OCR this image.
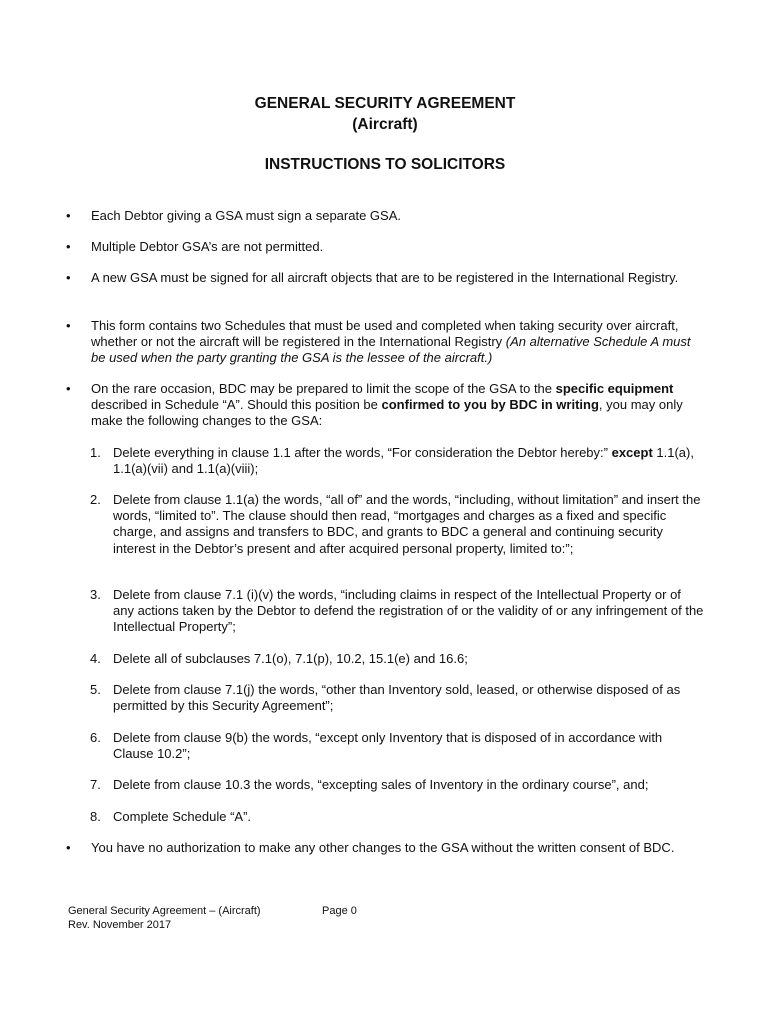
GENERAL SECURITY AGREEMENT
(Aircraft)
INSTRUCTIONS TO SOLICITORS
•	Each Debtor giving a GSA must sign a separate GSA.
•	Multiple Debtor GSA’s are not permitted.
•	A new GSA must be signed for all aircraft objects that are to be registered in the International Registry.
•	This form contains two Schedules that must be used and completed when taking security over aircraft, whether or not the aircraft will be registered in the International Registry (An alternative Schedule A must be used when the party granting the GSA is the lessee of the aircraft.)
•	On the rare occasion, BDC may be prepared to limit the scope of the GSA to the specific equipment described in Schedule “A”. Should this position be confirmed to you by BDC in writing, you may only make the following changes to the GSA:
1. Delete everything in clause 1.1 after the words, “For consideration the Debtor hereby:” except 1.1(a), 1.1(a)(vii) and 1.1(a)(viii);
2. Delete from clause 1.1(a) the words, “all of” and the words, “including, without limitation” and insert the words, “limited to”. The clause should then read, “mortgages and charges as a fixed and specific charge, and assigns and transfers to BDC, and grants to BDC a general and continuing security interest in the Debtor’s present and after acquired personal property, limited to:”;
3. Delete from clause 7.1 (i)(v) the words, “including claims in respect of the Intellectual Property or of any actions taken by the Debtor to defend the registration of or the validity of or any infringement of the Intellectual Property”;
4. Delete all of subclauses 7.1(o), 7.1(p), 10.2, 15.1(e) and 16.6;
5. Delete from clause 7.1(j) the words, “other than Inventory sold, leased, or otherwise disposed of as permitted by this Security Agreement”;
6. Delete from clause 9(b) the words, “except only Inventory that is disposed of in accordance with Clause 10.2”;
7. Delete from clause 10.3 the words, “excepting sales of Inventory in the ordinary course”, and;
8. Complete Schedule “A”.
•	You have no authorization to make any other changes to the GSA without the written consent of BDC.
General Security Agreement – (Aircraft)
Rev. November 2017
Page 0
